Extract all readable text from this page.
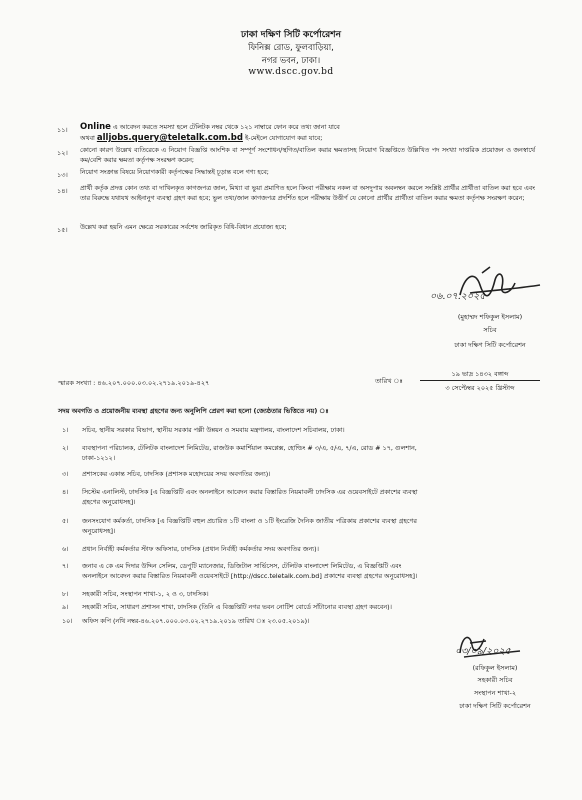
ঢাকা দক্ষিণ সিটি কর্পোরেশন
ফিনিক্স রোড, ফুলবাড়িয়া,
নগর ভবন, ঢাকা।
www.dscc.gov.bd
১১। Online এ আবেদন করতে সমস্যা হলে টেলিটক নম্বর থেকে ১২১ নাম্বারে ফোন করে তথ্য জানা যাবে
অথবা alljobs.query@teletalk.com.bd ই-মেইলে যোগাযোগ করা যাবে;
১২। কোনো কারণ উল্লেখ ব্যতিরেকে এ নিয়োগ বিজ্ঞপ্তি আংশিক বা সম্পূর্ণ সংশোধন/স্থগিত/বাতিল করার ক্ষমতাসহ নিয়োগ বিজ্ঞপ্তিতে উল্লিখিত পদ সংখ্যা দাপ্তরিক প্রয়োজন ও জনস্বার্থে কম/বেশি করার ক্ষমতা কর্তৃপক্ষ সংরক্ষণ করেন;
১৩। নিয়োগ সংক্রান্ত বিষয়ে নিয়োগকারী কর্তৃপক্ষের সিদ্ধান্তই চূড়ান্ত বলে গণ্য হবে;
১৪। প্রার্থী কর্তৃক প্রদত্ত কোন তথ্য বা দাখিলকৃত কাগজপত্র জাল, মিথ্যা বা ভুয়া প্রমাণিত হলে কিংবা পরীক্ষায় নকল বা অসদুপায় অবলম্বন করলে সংশ্লিষ্ট প্রার্থীর প্রার্থীতা বাতিল করা হবে এবং তার বিরুদ্ধে যথাযথ আইনানুগ ব্যবস্থা গ্রহণ করা হবে; ভুল তথ্য/জাল কাগজপত্র প্রদর্শিত হলে পরীক্ষায় উত্তীর্ণ যে কোনো প্রার্থীর প্রার্থীতা বাতিল করার ক্ষমতা কর্তৃপক্ষ সংরক্ষণ করেন;
১৫। উল্লেখ করা হয়নি এমন ক্ষেত্রে সরকারের সর্বশেষ জারিকৃত বিধি-বিধান প্রযোজ্য হবে;
০৬.০৭.২০২৫
(মুহাম্মদ শফিকুল ইসলাম)
সচিব
ঢাকা দক্ষিণ সিটি কর্পোরেশন
স্মারক সংখ্যা : ৪৬.২০৭.০০০.০৩.০২.২৭১৯.২০১৯-৪২৭	তারিখ ঃ
১৯ ভাদ্র ১৪৩২ বঙ্গাব্দ
৩ সেপ্টেম্বর ২০২৫ খ্রিস্টাব্দ
সদয় অবগতি ও প্রয়োজনীয় ব্যবস্থা গ্রহণের জন্য অনুলিপি প্রেরণ করা হলো (জ্যেষ্ঠতার ভিত্তিতে নয়) ঃ
১। সচিব, স্থানীয় সরকার বিভাগ, স্থানীয় সরকার পল্লী উন্নয়ন ও সমবায় মন্ত্রণালয়, বাংলাদেশ সচিবালয়, ঢাকা।
২। ব্যবস্থাপনা পরিচালক, টেলিটক বাংলাদেশ লিমিটেড, রাজউক কমার্শিয়াল কমপ্লেক্স, হোল্ডিং # ৩/এ, ৫/এ, ৭/এ, রোড # ১৭, গুলশান,
ঢাকা-১২১২।
৩। প্রশাসকের একান্ত সচিব, ঢাদসিক (প্রশাসক মহোদয়ের সদয় অবগতির জন্য)।
৪। সিস্টেম এনালিস্ট, ঢাদসিক [এ বিজ্ঞপ্তিটি এবং অনলাইনে আবেদন করার বিস্তারিত নিয়মাবলী ঢাদসিক এর ওয়েবসাইটে প্রকাশের ব্যবস্থা
গ্রহণের অনুরোধসহ]।
৫। জনসংযোগ কর্মকর্তা, ঢাদসিক [এ বিজ্ঞপ্তিটি বহুল প্রচারিত ১টি বাংলা ও ১টি ইংরেজি দৈনিক জাতীয় পত্রিকায় প্রকাশের ব্যবস্থা গ্রহণের
অনুরোধসহ]।
৬। প্রধান নির্বাহী কর্মকর্তার স্টাফ অফিসার, ঢাদসিক (প্রধান নির্বাহী কর্মকর্তার সদয় অবগতির জন্য)।
৭। জনাব এ কে এম দিদার উদ্দিন সেলিম, ডেপুটি ম্যানেজার, ডিজিটাল সার্ভিসেস, টেলিটক বাংলাদেশ লিমিটেড, এ বিজ্ঞপ্তিটি এবং
অনলাইনে আবেদন করার বিস্তারিত নিয়মাবলী ওয়েবসাইটে [http://dscc.teletalk.com.bd] প্রকাশের ব্যবস্থা গ্রহণের অনুরোধসহ]।
৮। সহকারী সচিব, সংস্থাপন শাখা-১, ২ ও ৩, ঢাদসিক।
৯। সহকারী সচিব, সাধারণ প্রশাসন শাখা, ঢাদসিক (তিনি এ বিজ্ঞপ্তিটি নগর ভবন নোটিশ বোর্ডে সাঁটানোর ব্যবস্থা গ্রহণ করবেন)।
১০। অফিস কপি (নথি নম্বর-৪৬.২০৭.০০০.০৩.০২.২৭১৯.২০১৯ তারিখ ঃ ২৩.০৫.২০১৯)।
০৩/০৯/২০২৫
(রফিকুল ইসলাম)
সহকারী সচিব
সংস্থাপন শাখা-২
ঢাকা দক্ষিণ সিটি কর্পোরেশন
